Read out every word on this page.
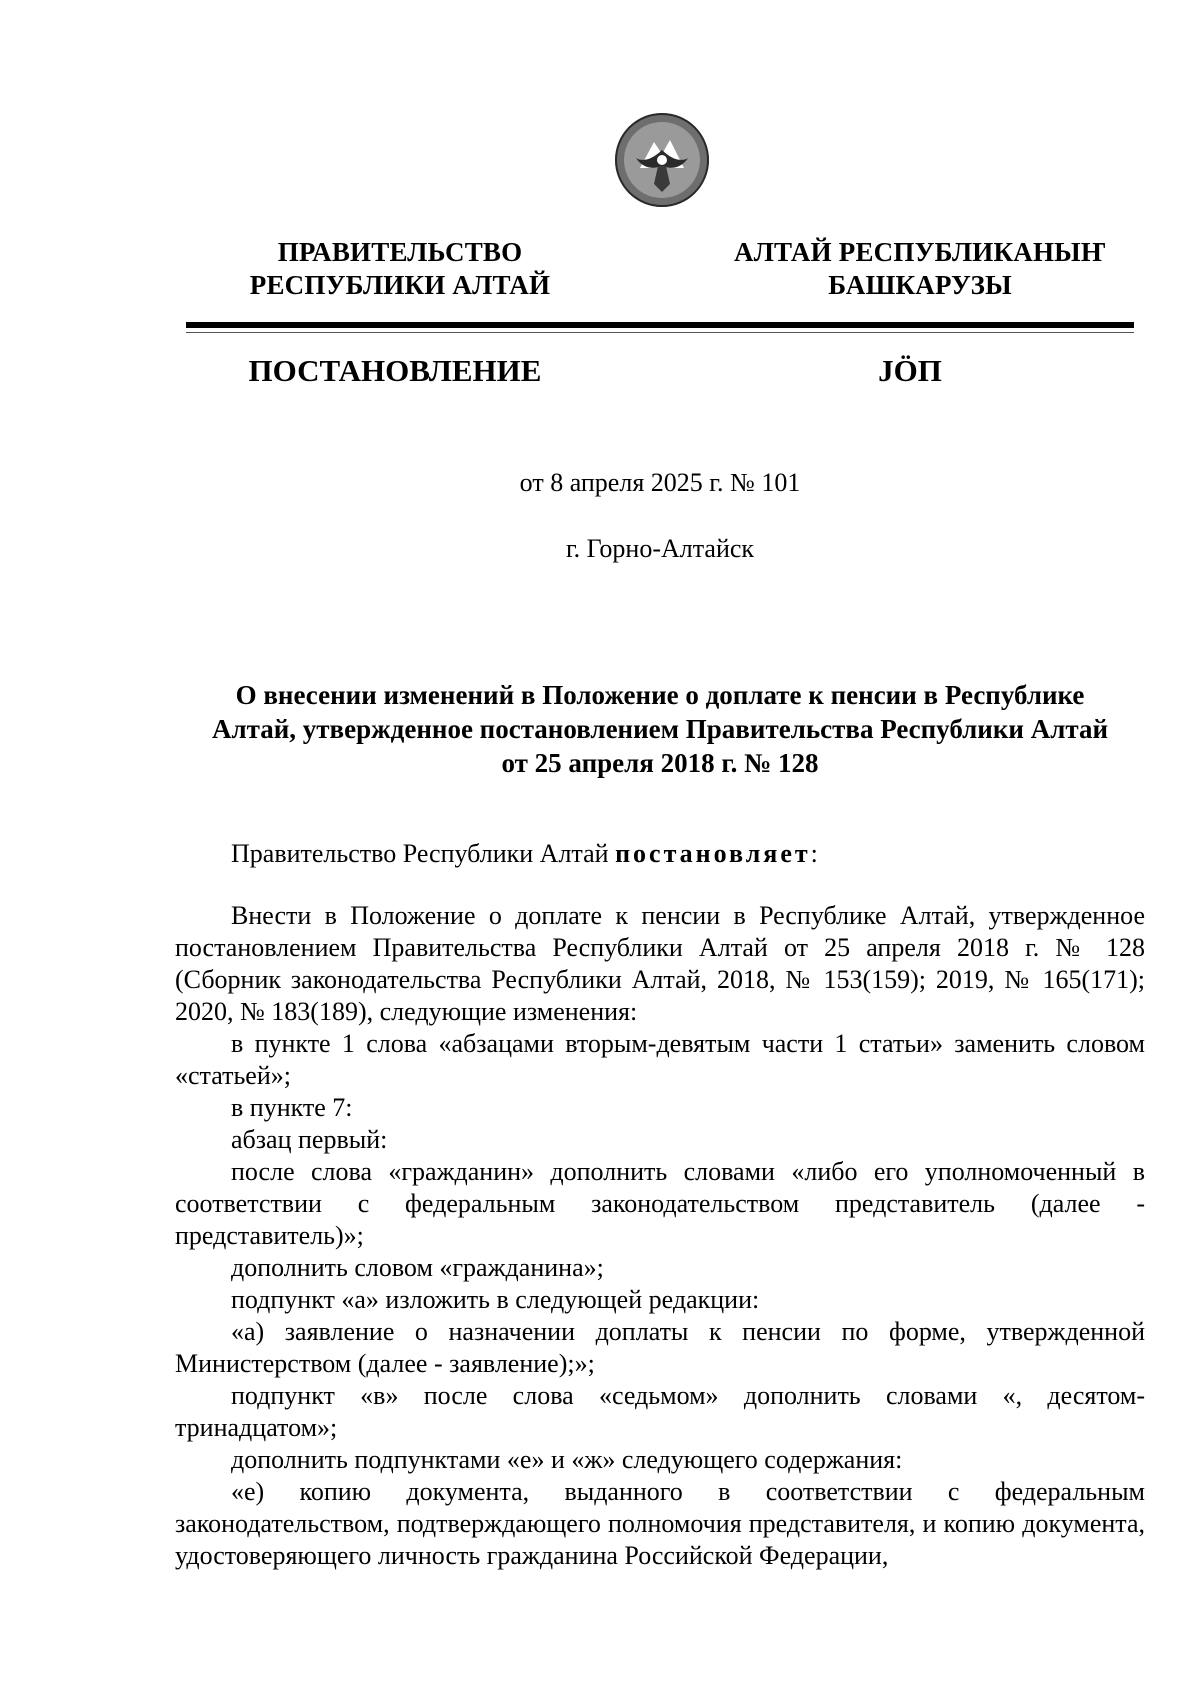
ПРАВИТЕЛЬСТВО
РЕСПУБЛИКИ АЛТАЙ
АЛТАЙ РЕСПУБЛИКАНЫҤ
БАШКАРУЗЫ
ПОСТАНОВЛЕНИЕ	JӦП
от 8 апреля 2025 г. № 101
г. Горно-Алтайск
О внесении изменений в Положение о доплате к пенсии в Республике
Алтай, утвержденное постановлением Правительства Республики Алтай
от 25 апреля 2018 г. № 128

Правительство Республики Алтай постановляет:

Внести в Положение о доплате к пенсии в Республике Алтай, утвержденное постановлением Правительства Республики Алтай от 25 апреля 2018 г. № 128 (Сборник законодательства Республики Алтай, 2018, № 153(159); 2019, № 165(171); 2020, № 183(189), следующие изменения:

в пункте 1 слова «абзацами вторым-девятым части 1 статьи» заменить словом «статьей»;

в пункте 7:

абзац первый:

после слова «гражданин» дополнить словами «либо его уполномоченный в соответствии с федеральным законодательством представитель (далее - представитель)»;

дополнить словом «гражданина»;

подпункт «а» изложить в следующей редакции:

«а) заявление о назначении доплаты к пенсии по форме, утвержденной Министерством (далее - заявление);»;

подпункт «в» после слова «седьмом» дополнить словами «, десятом-тринадцатом»;

дополнить подпунктами «е» и «ж» следующего содержания:

«е) копию документа, выданного в соответствии с федеральным законодательством, подтверждающего полномочия представителя, и копию документа, удостоверяющего личность гражданина Российской Федерации,
